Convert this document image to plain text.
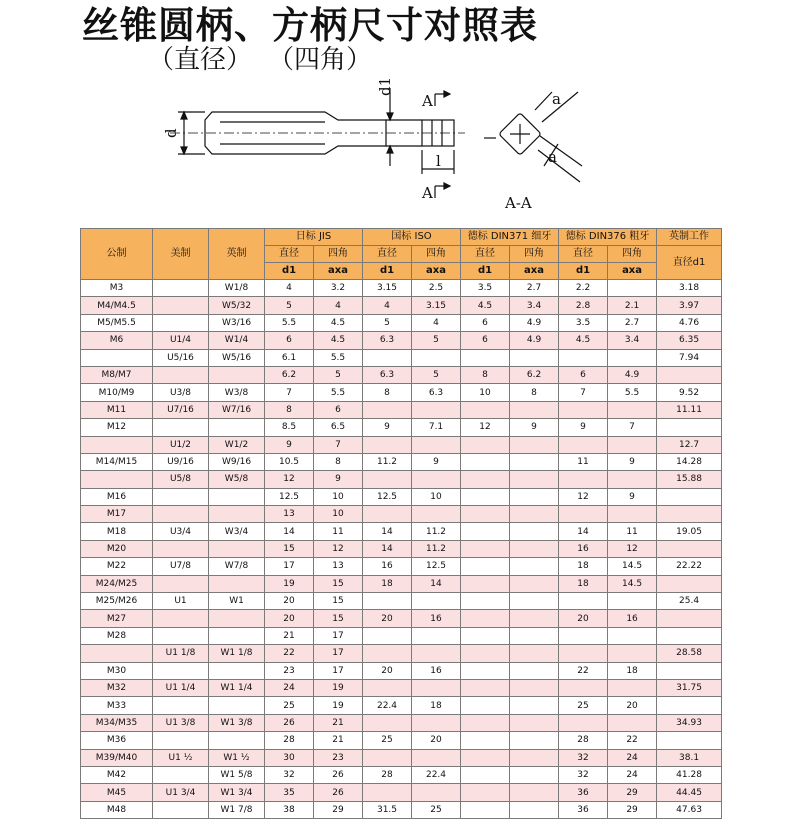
丝锥圆柄、方柄尺寸对照表
（直径） （四角）
d
d1
l
A
A
a
a
A-A
公制	美制	英制	日标 JIS		国标 ISO		德标 DIN371 细牙		德标 DIN376 粗牙		英制工作
			直径	四角	直径	四角	直径	四角	直径	四角	直径d1
			d1	axa	d1	axa	d1	axa	d1	axa	
M3		W1/8	4	3.2	3.15	2.5	3.5	2.7	2.2		3.18
M4/M4.5		W5/32	5	4	4	3.15	4.5	3.4	2.8	2.1	3.97
M5/M5.5		W3/16	5.5	4.5	5	4	6	4.9	3.5	2.7	4.76
M6	U1/4	W1/4	6	4.5	6.3	5	6	4.9	4.5	3.4	6.35
	U5/16	W5/16	6.1	5.5							7.94
M8/M7			6.2	5	6.3	5	8	6.2	6	4.9	
M10/M9	U3/8	W3/8	7	5.5	8	6.3	10	8	7	5.5	9.52
M11	U7/16	W7/16	8	6							11.11
M12			8.5	6.5	9	7.1	12	9	9	7	
	U1/2	W1/2	9	7							12.7
M14/M15	U9/16	W9/16	10.5	8	11.2	9			11	9	14.28
	U5/8	W5/8	12	9							15.88
M16			12.5	10	12.5	10			12	9	
M17			13	10							
M18	U3/4	W3/4	14	11	14	11.2			14	11	19.05
M20			15	12	14	11.2			16	12	
M22	U7/8	W7/8	17	13	16	12.5			18	14.5	22.22
M24/M25			19	15	18	14			18	14.5	
M25/M26	U1	W1	20	15							25.4
M27			20	15	20	16			20	16	
M28			21	17							
	U1 1/8	W1 1/8	22	17							28.58
M30			23	17	20	16			22	18	
M32	U1 1/4	W1 1/4	24	19							31.75
M33			25	19	22.4	18			25	20	
M34/M35	U1 3/8	W1 3/8	26	21							34.93
M36			28	21	25	20			28	22	
M39/M40	U1 ½	W1 ½	30	23					32	24	38.1
M42		W1 5/8	32	26	28	22.4			32	24	41.28
M45	U1 3/4	W1 3/4	35	26					36	29	44.45
M48		W1 7/8	38	29	31.5	25			36	29	47.63
